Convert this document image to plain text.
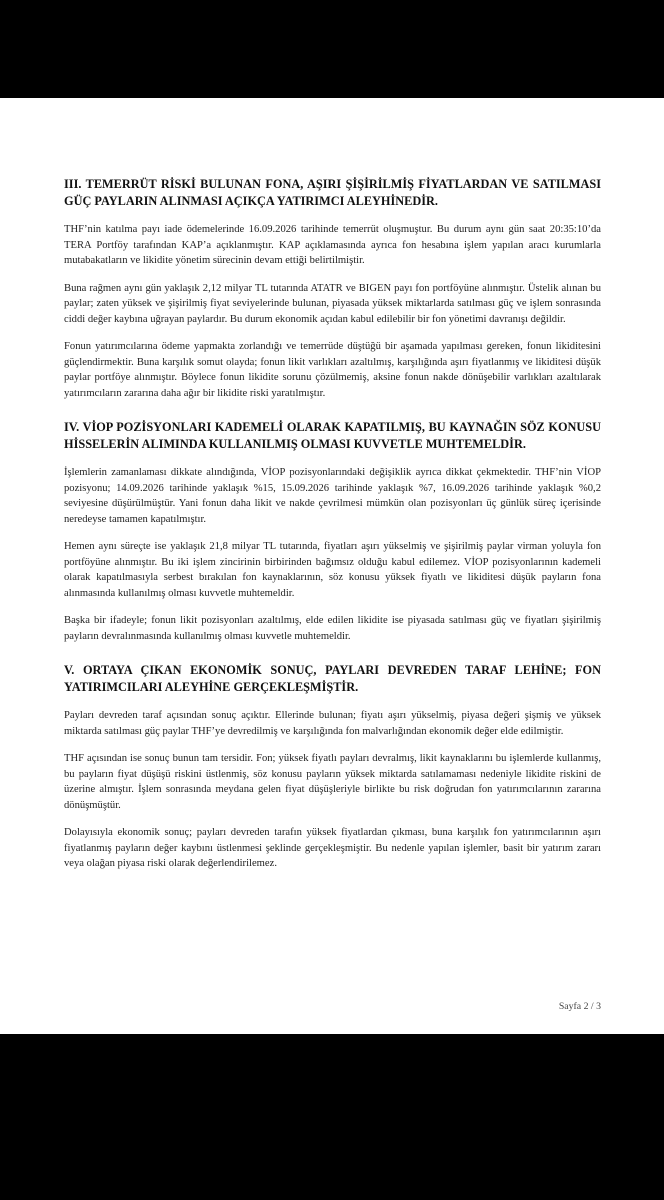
III. TEMERRÜT RİSKİ BULUNAN FONA, AŞIRI ŞİŞİRİLMİŞ FİYATLARDAN VE SATILMASI GÜÇ PAYLARIN ALINMASI AÇIKÇA YATIRIMCI ALEYHİNEDİR.

THF’nin katılma payı iade ödemelerinde 16.09.2026 tarihinde temerrüt oluşmuştur. Bu durum aynı gün saat 20:35:10’da TERA Portföy tarafından KAP’a açıklanmıştır. KAP açıklamasında ayrıca fon hesabına işlem yapılan aracı kurumlarla mutabakatların ve likidite yönetim sürecinin devam ettiği belirtilmiştir.

Buna rağmen aynı gün yaklaşık 2,12 milyar TL tutarında ATATR ve BIGEN payı fon portföyüne alınmıştır. Üstelik alınan bu paylar; zaten yüksek ve şişirilmiş fiyat seviyelerinde bulunan, piyasada yüksek miktarlarda satılması güç ve işlem sonrasında ciddi değer kaybına uğrayan paylardır. Bu durum ekonomik açıdan kabul edilebilir bir fon yönetimi davranışı değildir.

Fonun yatırımcılarına ödeme yapmakta zorlandığı ve temerrüde düştüğü bir aşamada yapılması gereken, fonun likiditesini güçlendirmektir. Buna karşılık somut olayda; fonun likit varlıkları azaltılmış, karşılığında aşırı fiyatlanmış ve likiditesi düşük paylar portföye alınmıştır. Böylece fonun likidite sorunu çözülmemiş, aksine fonun nakde dönüşebilir varlıkları azaltılarak yatırımcıların zararına daha ağır bir likidite riski yaratılmıştır.

IV. VİOP POZİSYONLARI KADEMELİ OLARAK KAPATILMIŞ, BU KAYNAĞIN SÖZ KONUSU HİSSELERİN ALIMINDA KULLANILMIŞ OLMASI KUVVETLE MUHTEMELDİR.

İşlemlerin zamanlaması dikkate alındığında, VİOP pozisyonlarındaki değişiklik ayrıca dikkat çekmektedir. THF’nin VİOP pozisyonu; 14.09.2026 tarihinde yaklaşık %15, 15.09.2026 tarihinde yaklaşık %7, 16.09.2026 tarihinde yaklaşık %0,2 seviyesine düşürülmüştür. Yani fonun daha likit ve nakde çevrilmesi mümkün olan pozisyonları üç günlük süreç içerisinde neredeyse tamamen kapatılmıştır.

Hemen aynı süreçte ise yaklaşık 21,8 milyar TL tutarında, fiyatları aşırı yükselmiş ve şişirilmiş paylar virman yoluyla fon portföyüne alınmıştır. Bu iki işlem zincirinin birbirinden bağımsız olduğu kabul edilemez. VİOP pozisyonlarının kademeli olarak kapatılmasıyla serbest bırakılan fon kaynaklarının, söz konusu yüksek fiyatlı ve likiditesi düşük payların fona alınmasında kullanılmış olması kuvvetle muhtemeldir.

Başka bir ifadeyle; fonun likit pozisyonları azaltılmış, elde edilen likidite ise piyasada satılması güç ve fiyatları şişirilmiş payların devralınmasında kullanılmış olması kuvvetle muhtemeldir.

V. ORTAYA ÇIKAN EKONOMİK SONUÇ, PAYLARI DEVREDEN TARAF LEHİNE; FON YATIRIMCILARI ALEYHİNE GERÇEKLEŞMİŞTİR.

Payları devreden taraf açısından sonuç açıktır. Ellerinde bulunan; fiyatı aşırı yükselmiş, piyasa değeri şişmiş ve yüksek miktarda satılması güç paylar THF’ye devredilmiş ve karşılığında fon malvarlığından ekonomik değer elde edilmiştir.

THF açısından ise sonuç bunun tam tersidir. Fon; yüksek fiyatlı payları devralmış, likit kaynaklarını bu işlemlerde kullanmış, bu payların fiyat düşüşü riskini üstlenmiş, söz konusu payların yüksek miktarda satılamaması nedeniyle likidite riskini de üzerine almıştır. İşlem sonrasında meydana gelen fiyat düşüşleriyle birlikte bu risk doğrudan fon yatırımcılarının zararına dönüşmüştür.

Dolayısıyla ekonomik sonuç; payları devreden tarafın yüksek fiyatlardan çıkması, buna karşılık fon yatırımcılarının aşırı fiyatlanmış payların değer kaybını üstlenmesi şeklinde gerçekleşmiştir. Bu nedenle yapılan işlemler, basit bir yatırım zararı veya olağan piyasa riski olarak değerlendirilemez.

Sayfa 2 / 3
